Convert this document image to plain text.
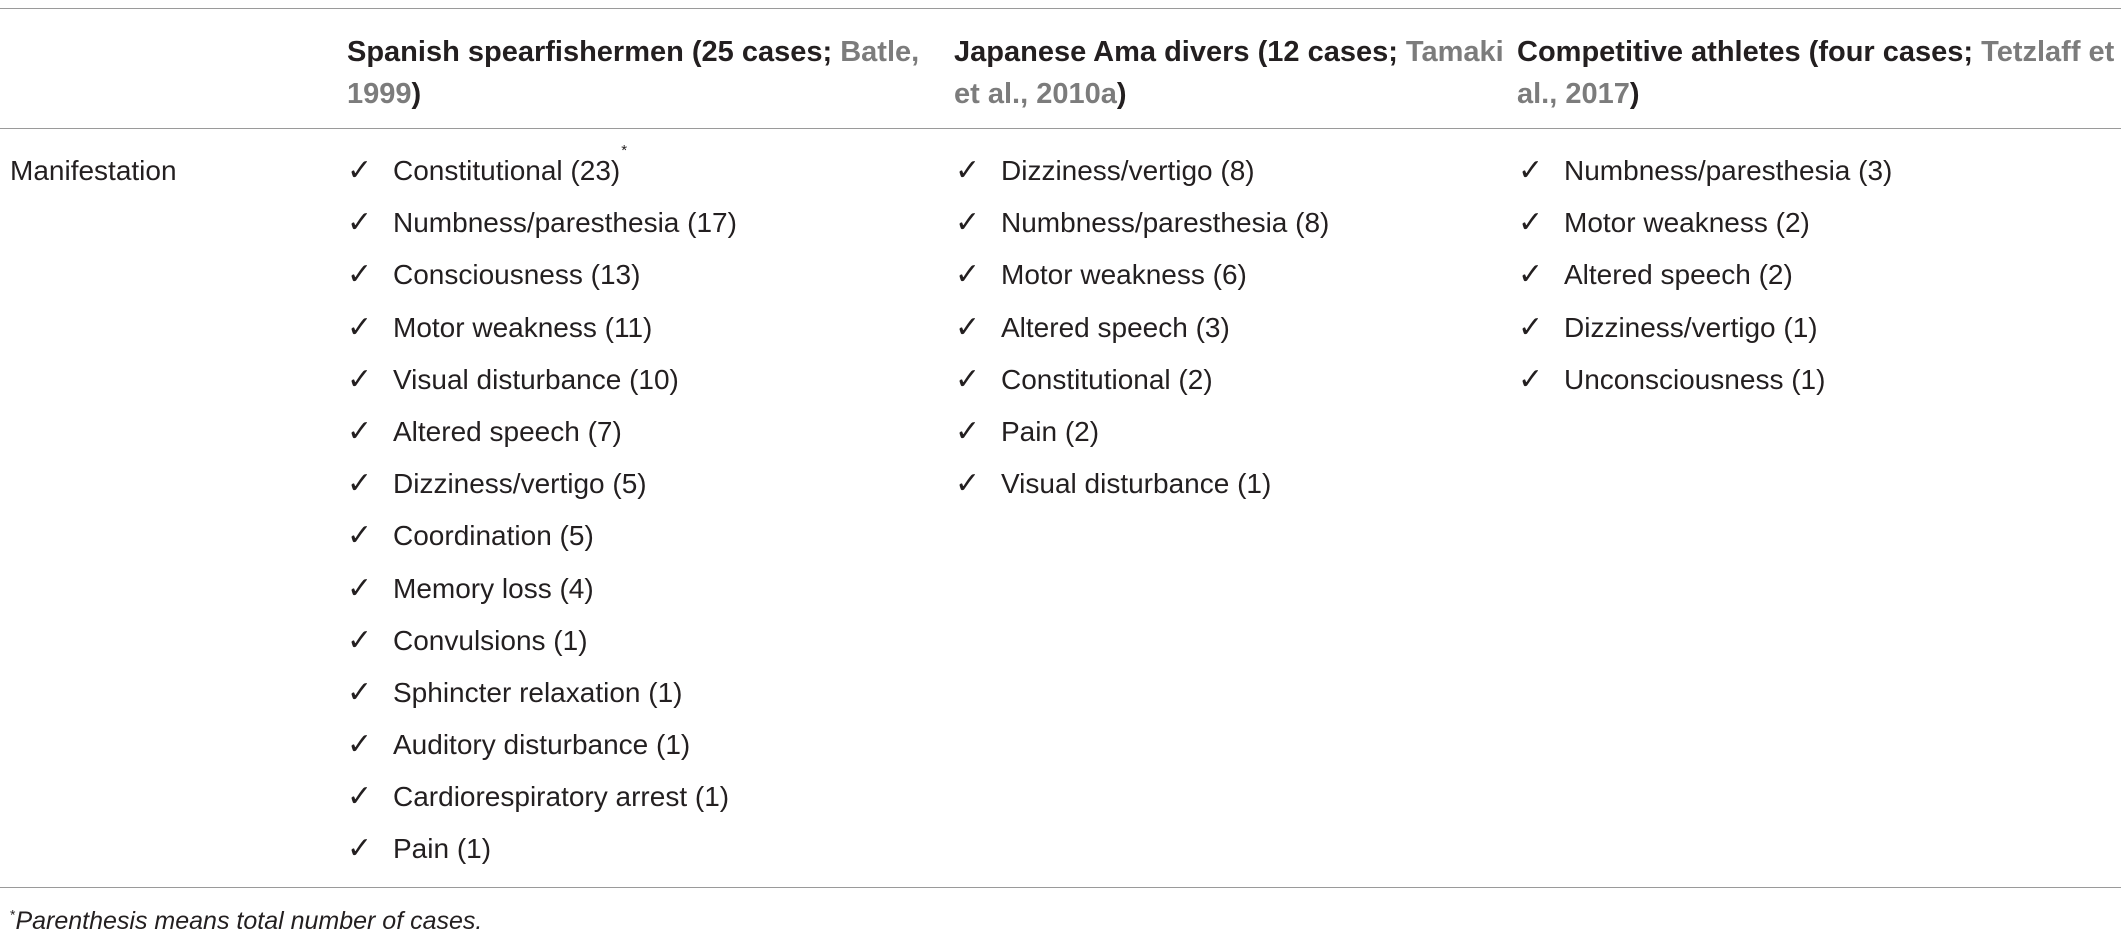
Spanish spearfishermen (25 cases; Batle, 1999)
Japanese Ama divers (12 cases; Tamaki et al., 2010a)
Competitive athletes (four cases; Tetzlaff et al., 2017)
Manifestation	✓ Constitutional (23)
*
✓ Numbness/paresthesia (17)
✓ Consciousness (13)
✓ Motor weakness (11)
✓ Visual disturbance (10)
✓ Altered speech (7)
✓ Dizziness/vertigo (5)
✓ Coordination (5)
✓ Memory loss (4)
✓ Convulsions (1)
✓ Sphincter relaxation (1)
✓ Auditory disturbance (1)
✓ Cardiorespiratory arrest (1)
✓ Pain (1)
✓ Dizziness/vertigo (8)
✓ Numbness/paresthesia (8)
✓ Motor weakness (6)
✓ Altered speech (3)
✓ Constitutional (2)
✓ Pain (2)
✓ Visual disturbance (1)
✓ Numbness/paresthesia (3)
✓ Motor weakness (2)
✓ Altered speech (2)
✓ Dizziness/vertigo (1)
✓ Unconsciousness (1)
*Parenthesis means total number of cases.
